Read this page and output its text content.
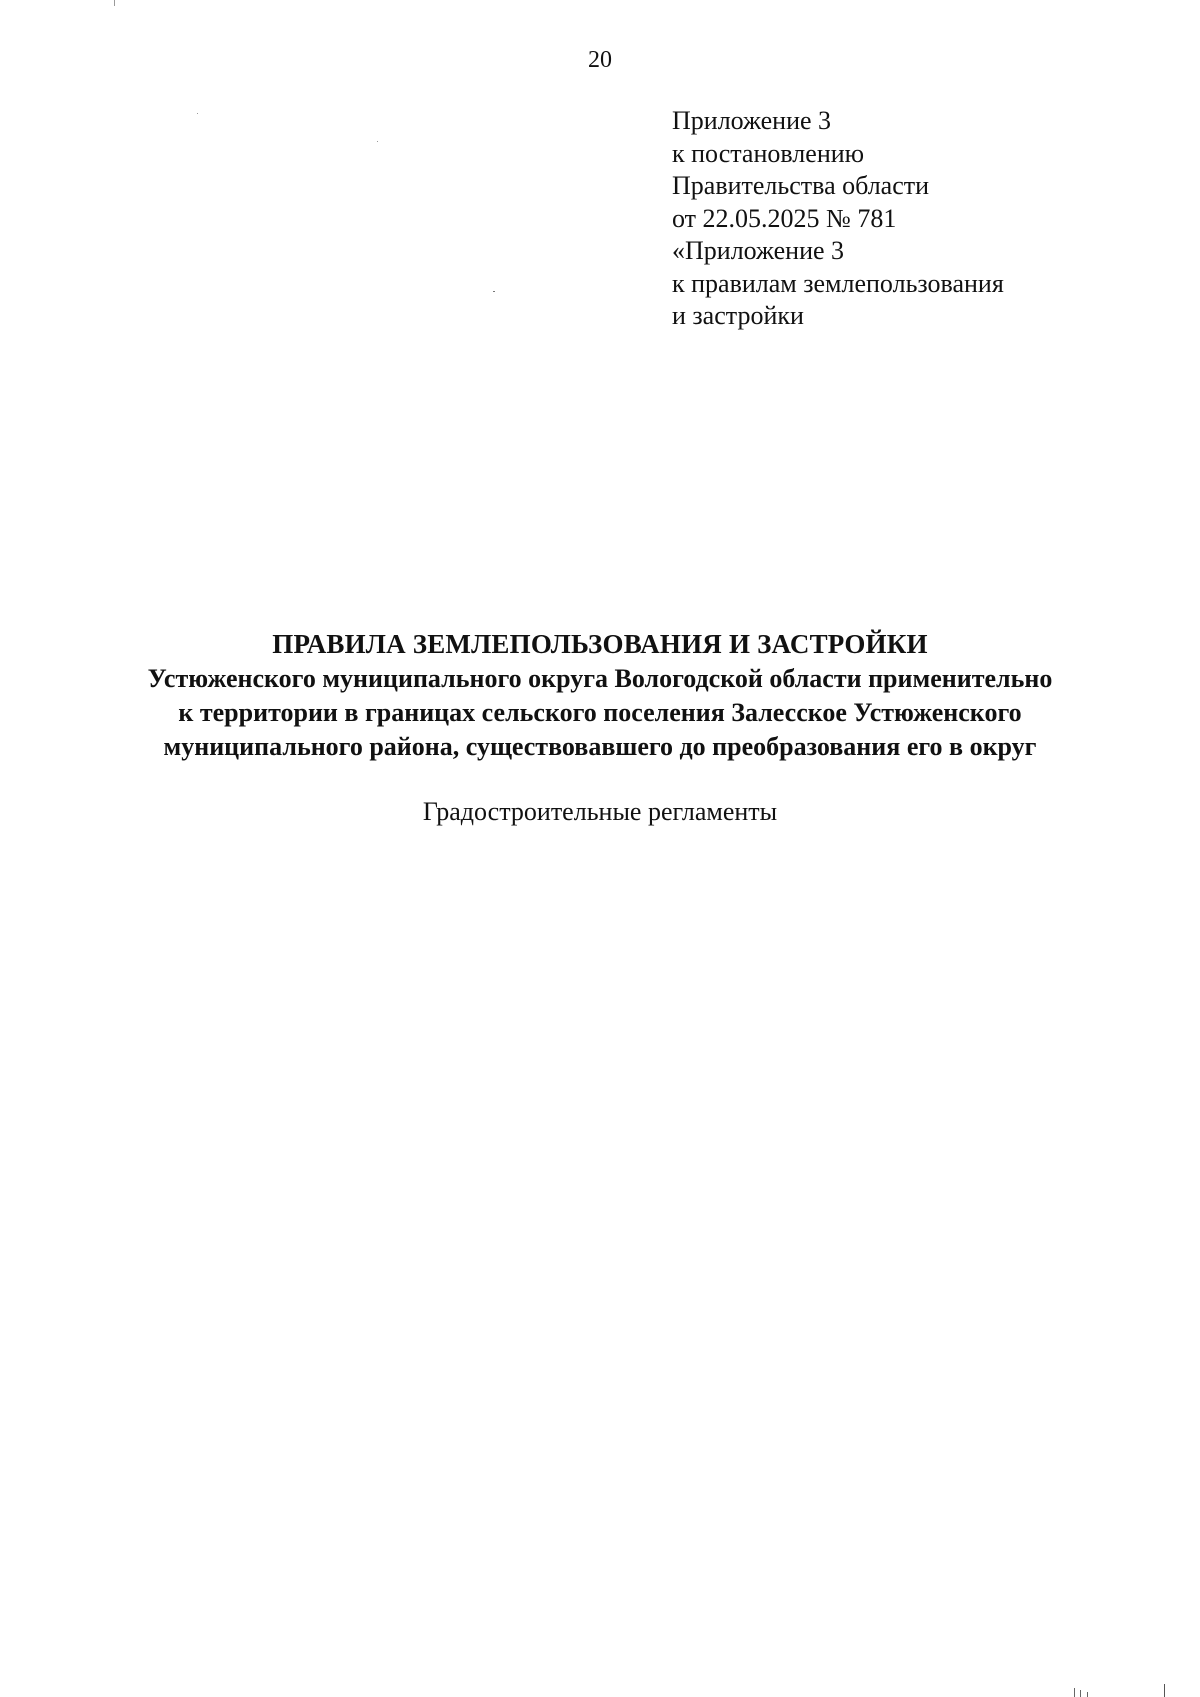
20
Приложение 3
к постановлению
Правительства области
от 22.05.2025 № 781
«Приложение 3
к правилам землепользования
и застройки
ПРАВИЛА ЗЕМЛЕПОЛЬЗОВАНИЯ И ЗАСТРОЙКИ

Устюженского муниципального округа Вологодской области применительно
к территории в границах сельского поселения Залесское Устюженского
муниципального района, существовавшего до преобразования его в округ

Градостроительные регламенты
